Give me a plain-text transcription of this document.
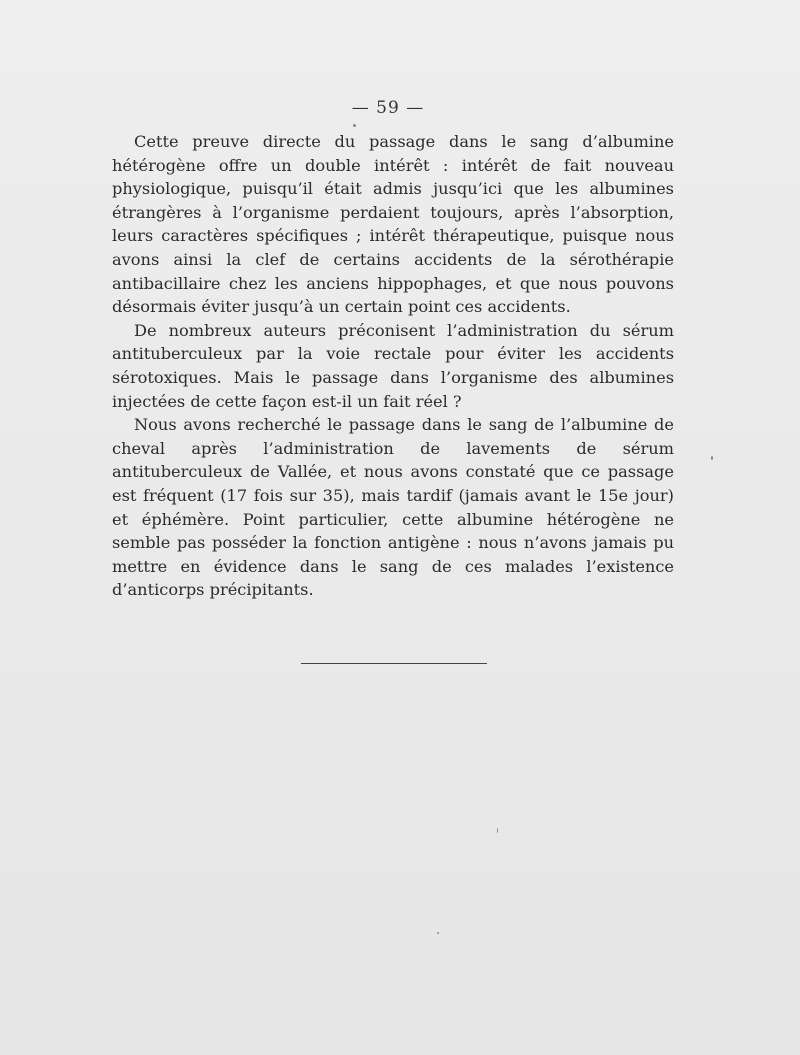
— 59 —

Cette preuve directe du passage dans le sang d’albumine hétérogène offre un double intérêt : intérêt de fait nouveau physiologique, puisqu’il était admis jusqu’ici que les albumines étrangères à l’organisme perdaient toujours, après l’absorption, leurs caractères spécifiques ; intérêt thérapeutique, puisque nous avons ainsi la clef de certains accidents de la sérothérapie antibacillaire chez les anciens hippophages, et que nous pouvons désormais éviter jusqu’à un certain point ces accidents.

De nombreux auteurs préconisent l’administration du sérum antituberculeux par la voie rectale pour éviter les accidents sérotoxiques. Mais le passage dans l’organisme des albumines injectées de cette façon est-il un fait réel ?

Nous avons recherché le passage dans le sang de l’albumine de cheval après l’administration de lavements de sérum antituberculeux de Vallée, et nous avons constaté que ce passage est fréquent (17 fois sur 35), mais tardif (jamais avant le 15e jour) et éphémère. Point particulier, cette albumine hétérogène ne semble pas posséder la fonction antigène : nous n’avons jamais pu mettre en évidence dans le sang de ces malades l’existence d’anticorps précipitants.
